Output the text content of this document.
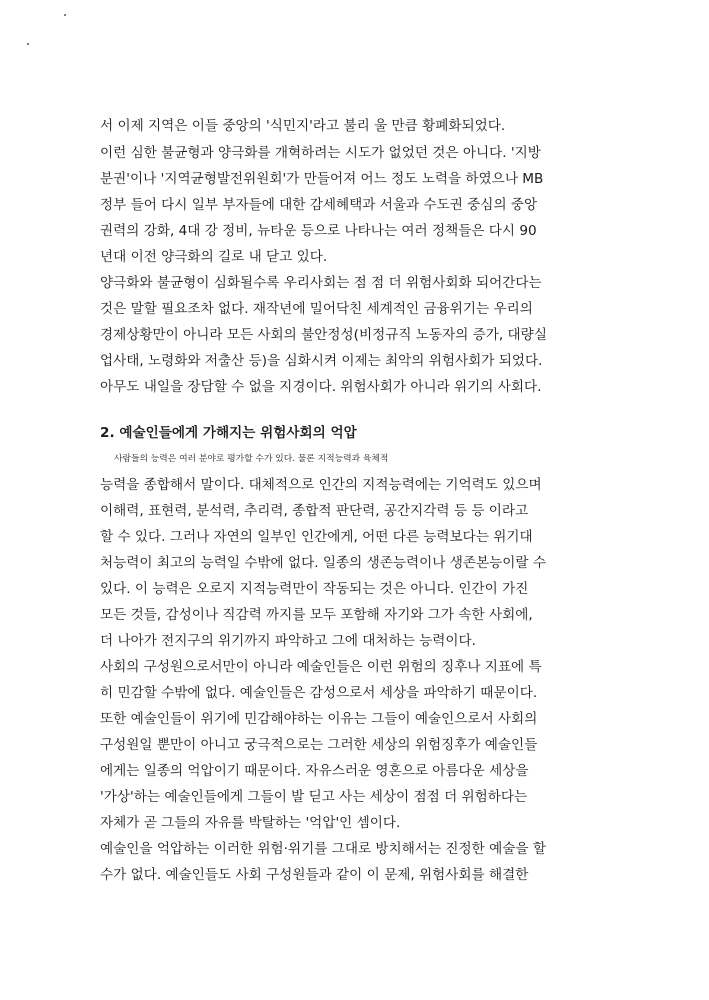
서 이제 지역은 이들 중앙의 '식민지'라고 불리 울 만큼 황폐화되었다.
이런 심한 불균형과 양극화를 개혁하려는 시도가 없었던 것은 아니다. '지방
분권'이나 '지역균형발전위원회'가 만들어져 어느 정도 노력을 하였으나 MB
정부 들어 다시 일부 부자들에 대한 감세혜택과 서울과 수도권 중심의 중앙
권력의 강화, 4대 강 정비, 뉴타운 등으로 나타나는 여러 정책들은 다시 90
년대 이전 양극화의 길로 내 닫고 있다.
양극화와 불균형이 심화될수록 우리사회는 점 점 더 위험사회화 되어간다는
것은 말할 필요조차 없다. 재작년에 밀어닥친 세계적인 금융위기는 우리의
경제상황만이 아니라 모든 사회의 불안정성(비정규직 노동자의 증가, 대량실
업사태, 노령화와 저출산 등)을 심화시켜 이제는 최악의 위험사회가 되었다.
아무도 내일을 장담할 수 없을 지경이다. 위험사회가 아니라 위기의 사회다.
2. 예술인들에게 가해지는 위험사회의 억압
사람들의 능력은 여러 분야로 평가할 수가 있다. 물론 지적능력과 육체적
능력을 종합해서 말이다. 대체적으로 인간의 지적능력에는 기억력도 있으며
이해력, 표현력, 분석력, 추리력, 종합적 판단력, 공간지각력 등 등 이라고
할 수 있다. 그러나 자연의 일부인 인간에게, 어떤 다른 능력보다는 위기대
처능력이 최고의 능력일 수밖에 없다. 일종의 생존능력이나 생존본능이랄 수
있다. 이 능력은 오로지 지적능력만이 작동되는 것은 아니다. 인간이 가진
모든 것들, 감성이나 직감력 까지를 모두 포함해 자기와 그가 속한 사회에,
더 나아가 전지구의 위기까지 파악하고 그에 대처하는 능력이다.
사회의 구성원으로서만이 아니라 예술인들은 이런 위험의 징후나 지표에 특
히 민감할 수밖에 없다. 예술인들은 감성으로서 세상을 파악하기 때문이다.
또한 예술인들이 위기에 민감해야하는 이유는 그들이 예술인으로서 사회의
구성원일 뿐만이 아니고 궁극적으로는 그러한 세상의 위험징후가 예술인들
에게는 일종의 억압이기 때문이다. 자유스러운 영혼으로 아름다운 세상을
'가상'하는 예술인들에게 그들이 발 딛고 사는 세상이 점점 더 위험하다는
자체가 곧 그들의 자유를 박탈하는 '억압'인 셈이다.
예술인을 억압하는 이러한 위험·위기를 그대로 방치해서는 진정한 예술을 할
수가 없다. 예술인들도 사회 구성원들과 같이 이 문제, 위험사회를 해결한
